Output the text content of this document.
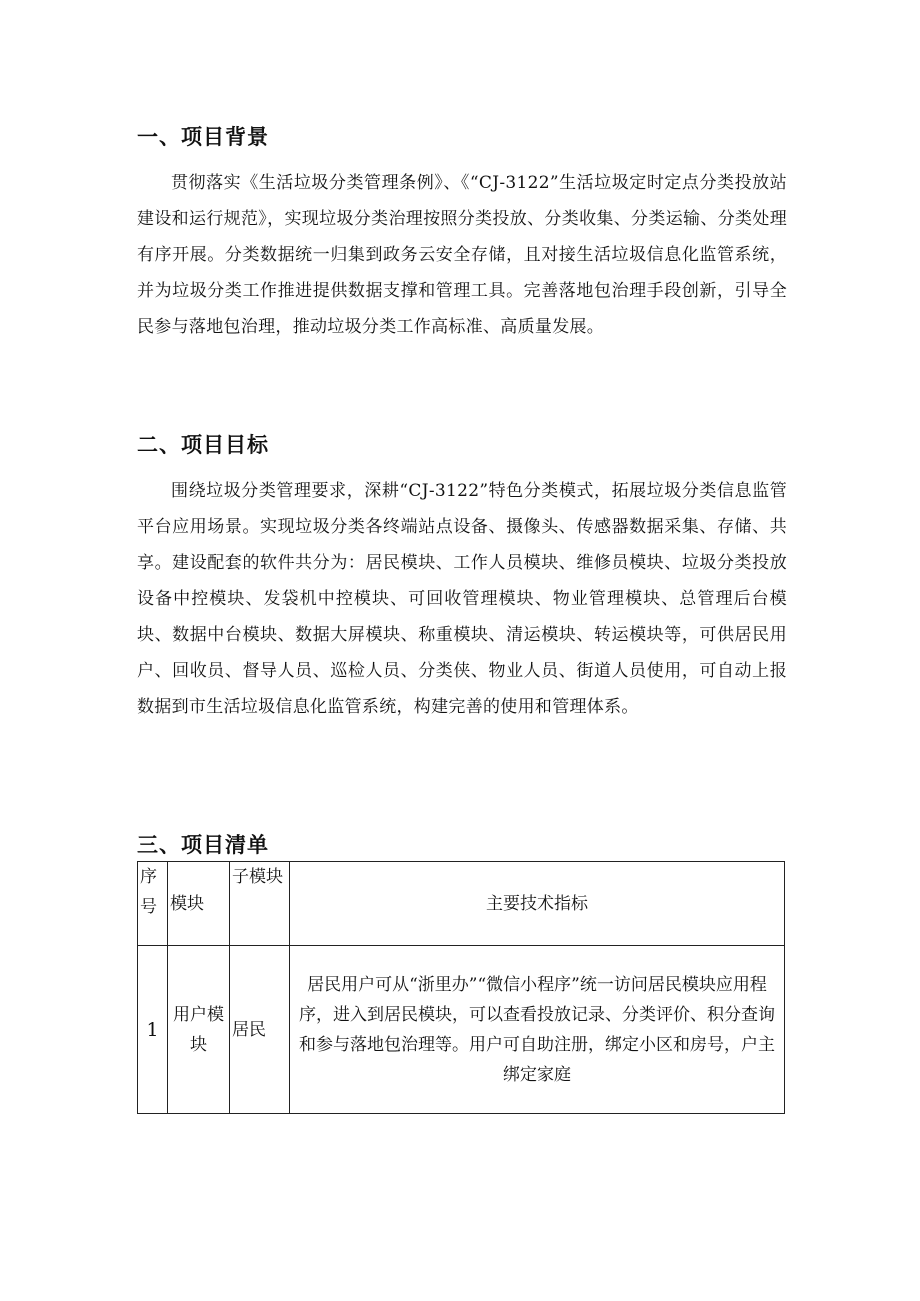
一、项目背景

贯彻落实《生活垃圾分类管理条例》、《“CJ-3122”生活垃圾定时定点分类投放站建设和运行规范》，实现垃圾分类治理按照分类投放、分类收集、分类运输、分类处理有序开展。分类数据统一归集到政务云安全存储，且对接生活垃圾信息化监管系统，并为垃圾分类工作推进提供数据支撑和管理工具。完善落地包治理手段创新，引导全民参与落地包治理，推动垃圾分类工作高标准、高质量发展。

二、项目目标

围绕垃圾分类管理要求，深耕“CJ-3122”特色分类模式，拓展垃圾分类信息监管平台应用场景。实现垃圾分类各终端站点设备、摄像头、传感器数据采集、存储、共享。建设配套的软件共分为：居民模块、工作人员模块、维修员模块、垃圾分类投放设备中控模块、发袋机中控模块、可回收管理模块、物业管理模块、总管理后台模块、数据中台模块、数据大屏模块、称重模块、清运模块、转运模块等，可供居民用户、回收员、督导人员、巡检人员、分类侠、物业人员、街道人员使用，可自动上报数据到市生活垃圾信息化监管系统，构建完善的使用和管理体系。

三、项目清单
序号	模块	子模块	主要技术指标
1	用户模块	居民	居民用户可从“浙里办”“微信小程序”统一访问居民模块应用程序，进入到居民模块，可以查看投放记录、分类评价、积分查询和参与落地包治理等。用户可自助注册，绑定小区和房号，户主绑定家庭
